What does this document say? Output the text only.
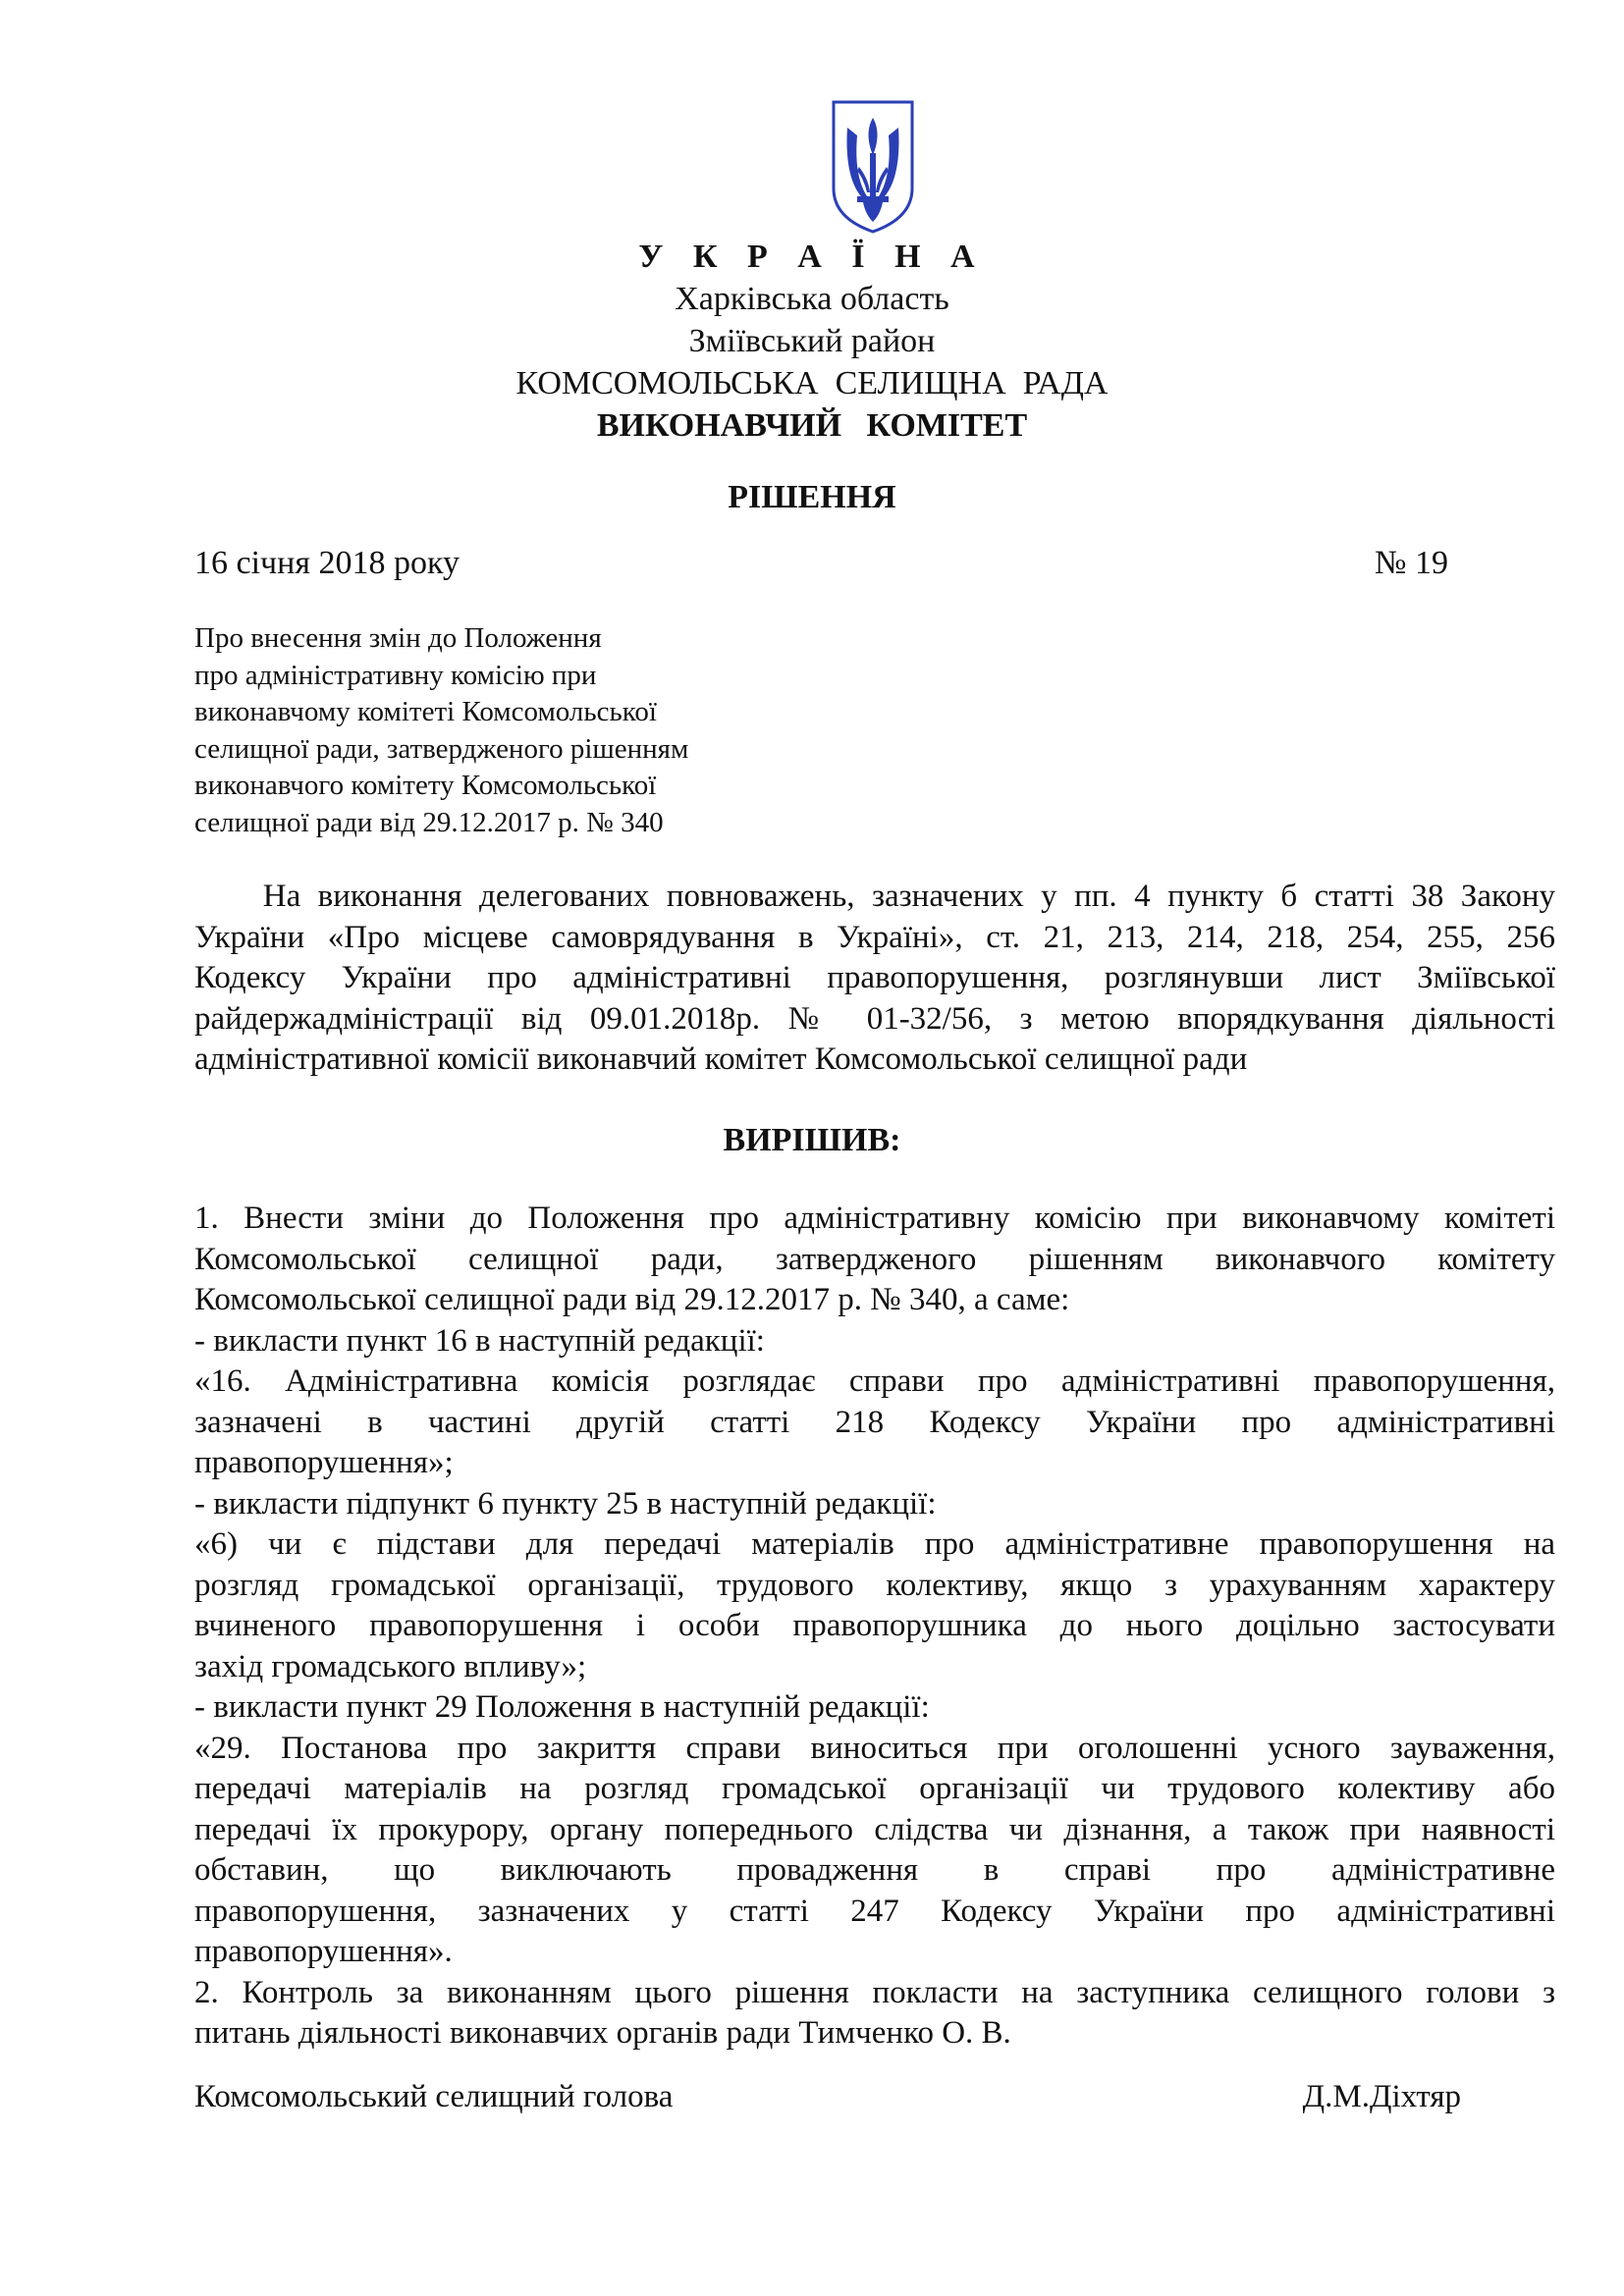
У К Р А Ї Н А
Харківська область
Зміївський район
КОМСОМОЛЬСЬКА  СЕЛИЩНА  РАДА
ВИКОНАВЧИЙ   КОМІТЕТ
РІШЕННЯ
16 січня 2018 року	№ 19
Про внесення змін до Положення
про адміністративну комісію при
виконавчому комітеті Комсомольської
селищної ради, затвердженого рішенням
виконавчого комітету Комсомольської
селищної ради від 29.12.2017 р. № 340
На виконання делегованих повноважень, зазначених у пп. 4 пункту б статті 38 Закону
України «Про місцеве самоврядування в Україні», ст. 21, 213, 214, 218, 254, 255, 256
Кодексу України про адміністративні правопорушення, розглянувши лист Зміївської
райдержадміністрації від 09.01.2018р. № 01-32/56, з метою впорядкування діяльності
адміністративної комісії виконавчий комітет Комсомольської селищної ради
ВИРІШИВ:
1. Внести зміни до Положення про адміністративну комісію при виконавчому комітеті
Комсомольської селищної ради, затвердженого рішенням виконавчого комітету
Комсомольської селищної ради від 29.12.2017 р. № 340, а саме:
- викласти пункт 16 в наступній редакції:
«16. Адміністративна комісія розглядає справи про адміністративні правопорушення,
зазначені в частині другій статті 218 Кодексу України про адміністративні
правопорушення»;
- викласти підпункт 6 пункту 25 в наступній редакції:
«6) чи є підстави для передачі матеріалів про адміністративне правопорушення на
розгляд громадської організації, трудового колективу, якщо з урахуванням характеру
вчиненого правопорушення і особи правопорушника до нього доцільно застосувати
захід громадського впливу»;
- викласти пункт 29 Положення в наступній редакції:
«29. Постанова про закриття справи виноситься при оголошенні усного зауваження,
передачі матеріалів на розгляд громадської організації чи трудового колективу або
передачі їх прокурору, органу попереднього слідства чи дізнання, а також при наявності
обставин, що виключають провадження в справі про адміністративне
правопорушення, зазначених у статті 247 Кодексу України про адміністративні
правопорушення».
2. Контроль за виконанням цього рішення покласти на заступника селищного голови з
питань діяльності виконавчих органів ради Тимченко О. В.
Комсомольський селищний голова	Д.М.Діхтяр
